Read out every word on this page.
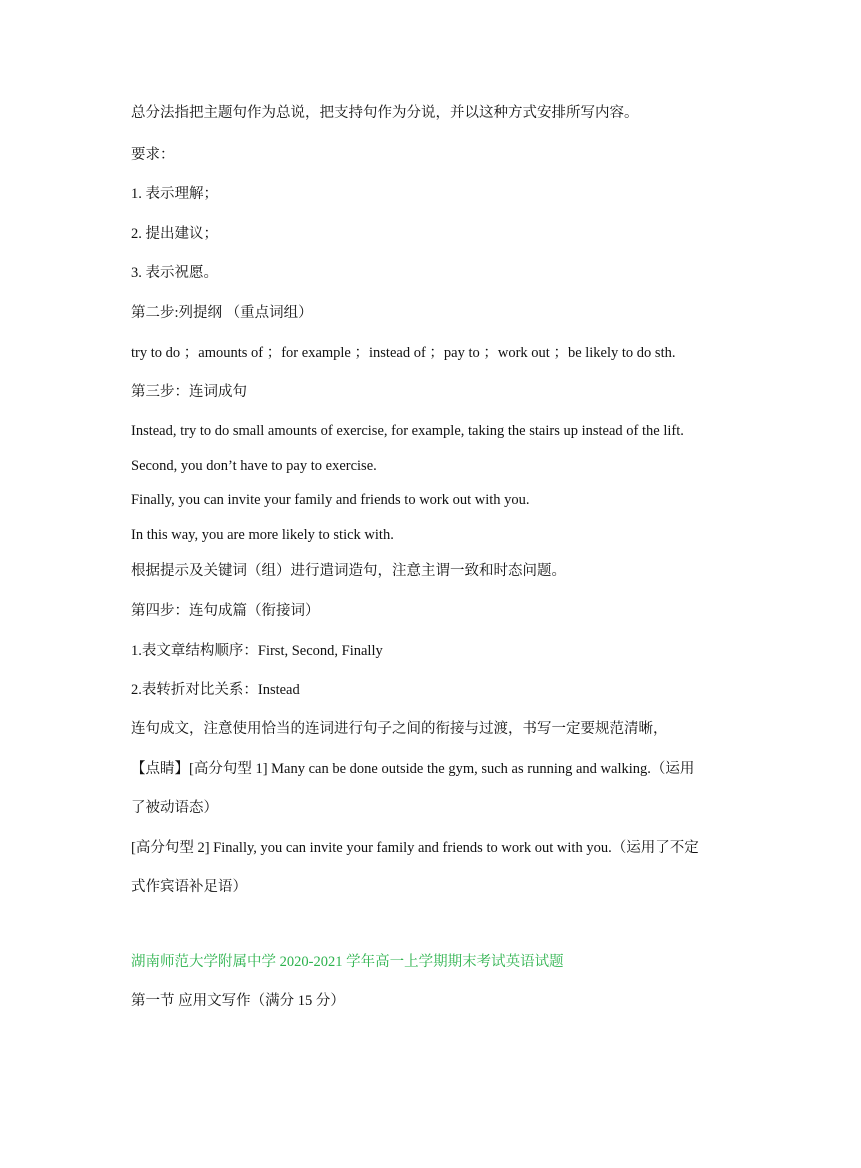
总分法指把主题句作为总说，把支持句作为分说，并以这种方式安排所写内容。
要求：
1. 表示理解；
2. 提出建议；
3. 表示祝愿。
第二步:列提纲 （重点词组）
try to do ；amounts of ；for example ；instead of ；pay to ；work out ；be likely to do sth.
第三步：连词成句
Instead, try to do small amounts of exercise, for example, taking the stairs up instead of the lift.
Second, you don’t have to pay to exercise.
Finally, you can invite your family and friends to work out with you.
In this way, you are more likely to stick with.
根据提示及关键词（组）进行遣词造句，注意主谓一致和时态问题。
第四步：连句成篇（衔接词）
1.表文章结构顺序：First, Second, Finally
2.表转折对比关系：Instead
连句成文，注意使用恰当的连词进行句子之间的衔接与过渡，书写一定要规范清晰，
【点睛】[高分句型 1] Many can be done outside the gym, such as running and walking.（运用
了被动语态）
[高分句型 2] Finally, you can invite your family and friends to work out with you.（运用了不定
式作宾语补足语）
湖南师范大学附属中学 2020-2021 学年高一上学期期末考试英语试题
第一节 应用文写作（满分 15 分）
